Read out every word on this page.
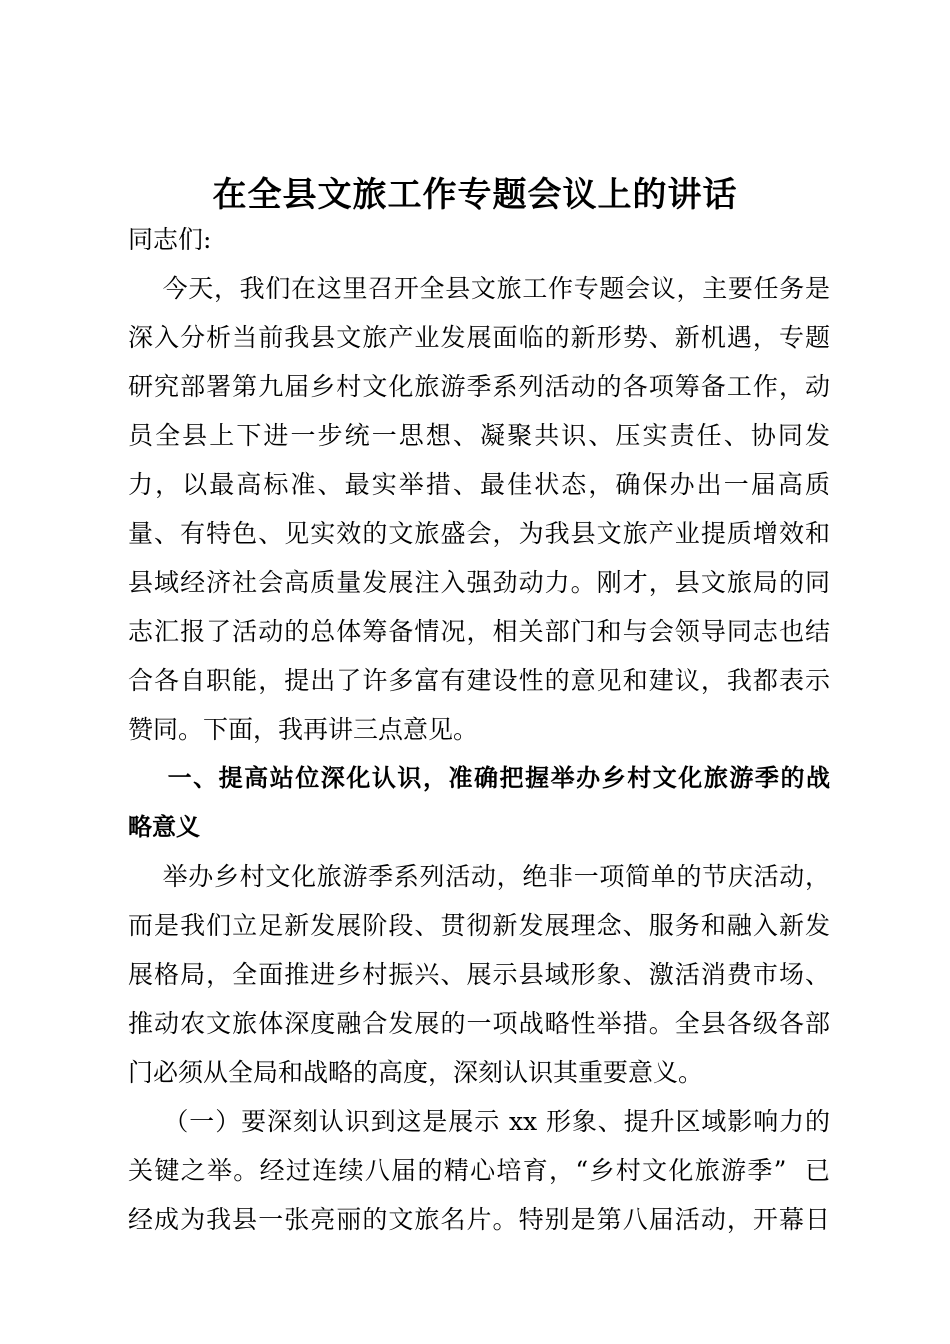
在全县文旅工作专题会议上的讲话
同志们:
今天，我们在这里召开全县文旅工作专题会议，主要任务是
深入分析当前我县文旅产业发展面临的新形势、新机遇，专题
研究部署第九届乡村文化旅游季系列活动的各项筹备工作，动
员全县上下进一步统一思想、凝聚共识、压实责任、协同发
力，以最高标准、最实举措、最佳状态，确保办出一届高质
量、有特色、见实效的文旅盛会，为我县文旅产业提质增效和
县域经济社会高质量发展注入强劲动力。刚才，县文旅局的同
志汇报了活动的总体筹备情况，相关部门和与会领导同志也结
合各自职能，提出了许多富有建设性的意见和建议，我都表示
赞同。下面，我再讲三点意见。
一、提高站位深化认识，准确把握举办乡村文化旅游季的战
略意义
举办乡村文化旅游季系列活动，绝非一项简单的节庆活动，
而是我们立足新发展阶段、贯彻新发展理念、服务和融入新发
展格局，全面推进乡村振兴、展示县域形象、激活消费市场、
推动农文旅体深度融合发展的一项战略性举措。全县各级各部
门必须从全局和战略的高度，深刻认识其重要意义。
（一）要深刻认识到这是展示 xx 形象、提升区域影响力的
关键之举。经过连续八届的精心培育，“乡村文化旅游季”  已
经成为我县一张亮丽的文旅名片。特别是第八届活动，开幕日
